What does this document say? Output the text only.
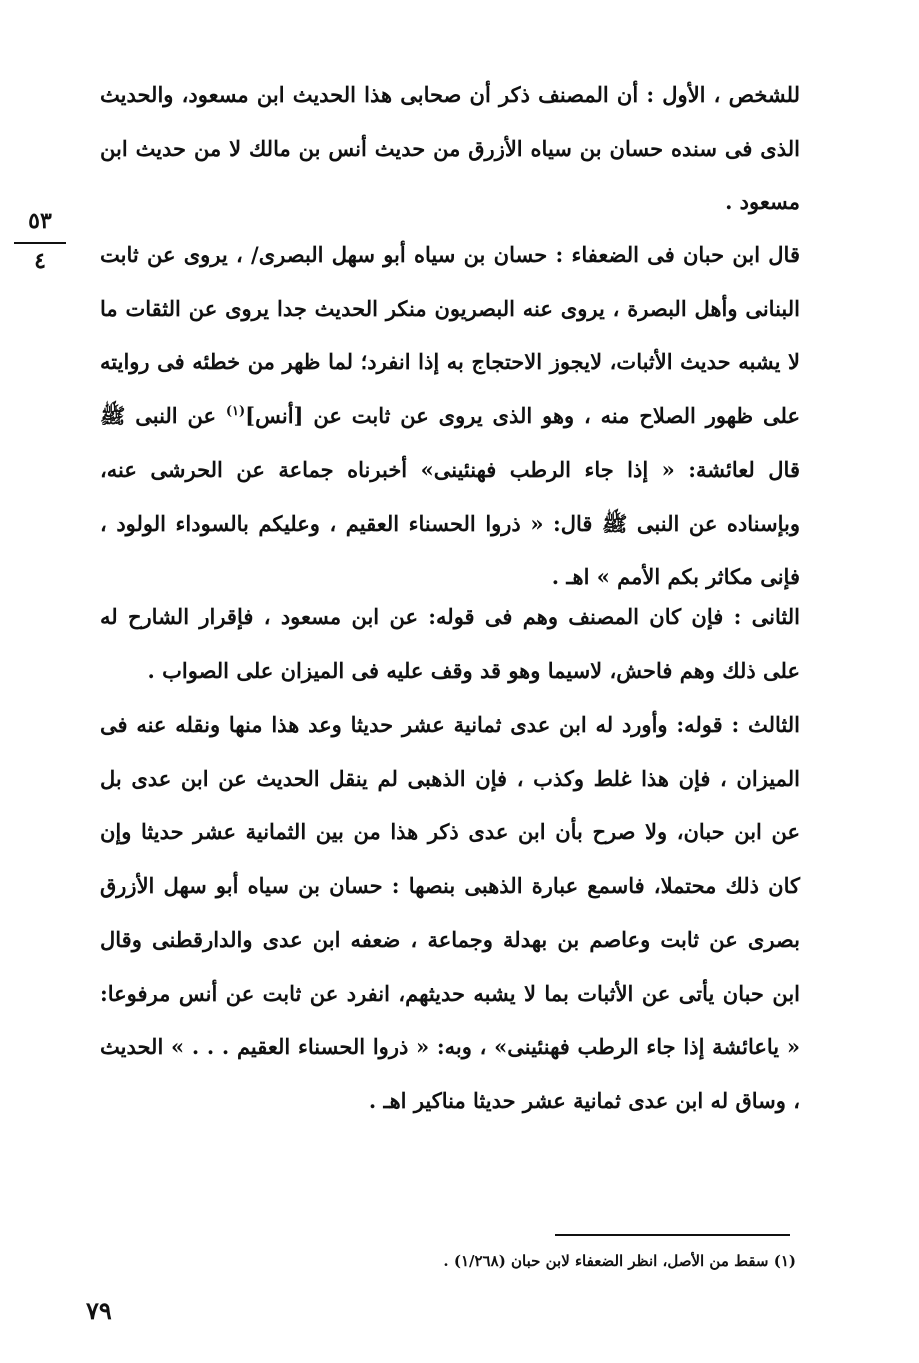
٥٣
٤

للشخص ، الأول : أن المصنف ذكر أن صحابى هذا الحديث ابن مسعود، والحديث الذى فى سنده حسان بن سياه الأزرق من حديث أنس بن مالك لا من حديث ابن مسعود .

قال ابن حبان فى الضعفاء : حسان بن سياه أبو سهل البصرى/ ، يروى عن ثابت البنانى وأهل البصرة ، يروى عنه البصريون منكر الحديث جدا يروى عن الثقات ما لا يشبه حديث الأثبات، لايجوز الاحتجاج به إذا انفرد؛ لما ظهر من خطئه فى روايته على ظهور الصلاح منه ، وهو الذى يروى عن ثابت عن [أنس]$^{(١)}$ عن النبى ﷺ قال لعائشة: « إذا جاء الرطب فهنئينى» أخبرناه جماعة عن الحرشى عنه، وبإسناده عن النبى ﷺ قال: « ذروا الحسناء العقيم ، وعليكم بالسوداء الولود ، فإنى مكاثر بكم الأمم » اهـ .

الثانى : فإن كان المصنف وهم فى قوله: عن ابن مسعود ، فإقرار الشارح له على ذلك وهم فاحش، لاسيما وهو قد وقف عليه فى الميزان على الصواب .

الثالث : قوله: وأورد له ابن عدى ثمانية عشر حديثا وعد هذا منها ونقله عنه فى الميزان ، فإن هذا غلط وكذب ، فإن الذهبى لم ينقل الحديث عن ابن عدى بل عن ابن حبان، ولا صرح بأن ابن عدى ذكر هذا من بين الثمانية عشر حديثا وإن كان ذلك محتملا، فاسمع عبارة الذهبى بنصها : حسان بن سياه أبو سهل الأزرق بصرى عن ثابت وعاصم بن بهدلة وجماعة ، ضعفه ابن عدى والدارقطنى وقال ابن حبان يأتى عن الأثبات بما لا يشبه حديثهم، انفرد عن ثابت عن أنس مرفوعا: « ياعائشة إذا جاء الرطب فهنئينى» ، وبه: « ذروا الحسناء العقيم . . . » الحديث ، وساق له ابن عدى ثمانية عشر حديثا مناكير اهـ .

(١) سقط من الأصل، انظر الضعفاء لابن حبان (١/٢٦٨) .
٧٩
